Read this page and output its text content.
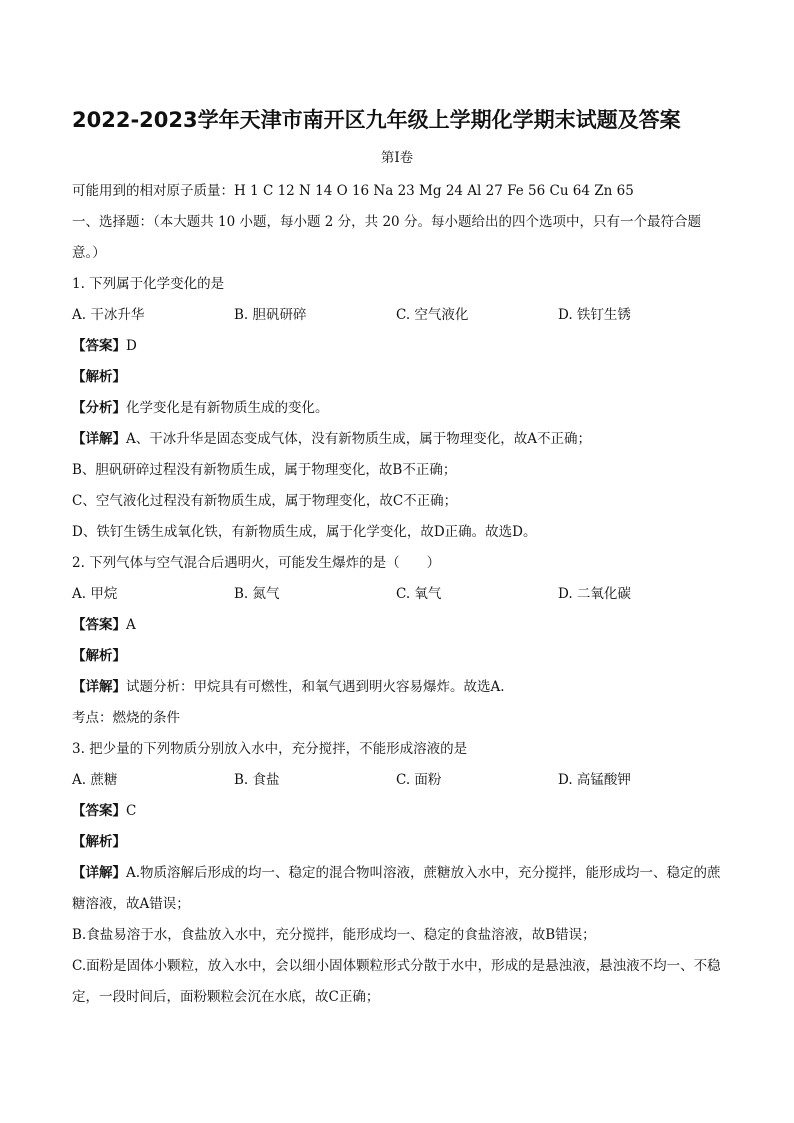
2022-2023学年天津市南开区九年级上学期化学期末试题及答案
第I卷
可能用到的相对原子质量：H 1 C 12 N 14 O 16 Na 23 Mg 24 Al 27 Fe 56 Cu 64 Zn 65
一、选择题：（本大题共 10 小题，每小题 2 分，共 20 分。每小题给出的四个选项中，只有一个最符合题意。）
1. 下列属于化学变化的是
A. 干冰升华	B. 胆矾研碎	C. 空气液化	D. 铁钉生锈
【答案】D
【解析】
【分析】化学变化是有新物质生成的变化。
【详解】A、干冰升华是固态变成气体，没有新物质生成，属于物理变化，故A不正确；
B、胆矾研碎过程没有新物质生成，属于物理变化，故B不正确；
C、空气液化过程没有新物质生成，属于物理变化，故C不正确；
D、铁钉生锈生成氧化铁，有新物质生成，属于化学变化，故D正确。故选D。
2. 下列气体与空气混合后遇明火，可能发生爆炸的是（　　）
A. 甲烷	B. 氮气	C. 氧气	D. 二氧化碳
【答案】A
【解析】
【详解】试题分析：甲烷具有可燃性，和氧气遇到明火容易爆炸。故选A.
考点：燃烧的条件
3. 把少量的下列物质分别放入水中，充分搅拌，不能形成溶液的是
A. 蔗糖	B. 食盐	C. 面粉	D. 高锰酸钾
【答案】C
【解析】
【详解】A.物质溶解后形成的均一、稳定的混合物叫溶液，蔗糖放入水中，充分搅拌，能形成均一、稳定的蔗糖溶液，故A错误；
B.食盐易溶于水，食盐放入水中，充分搅拌，能形成均一、稳定的食盐溶液，故B错误；
C.面粉是固体小颗粒，放入水中，会以细小固体颗粒形式分散于水中，形成的是悬浊液，悬浊液不均一、不稳定，一段时间后，面粉颗粒会沉在水底，故C正确；
